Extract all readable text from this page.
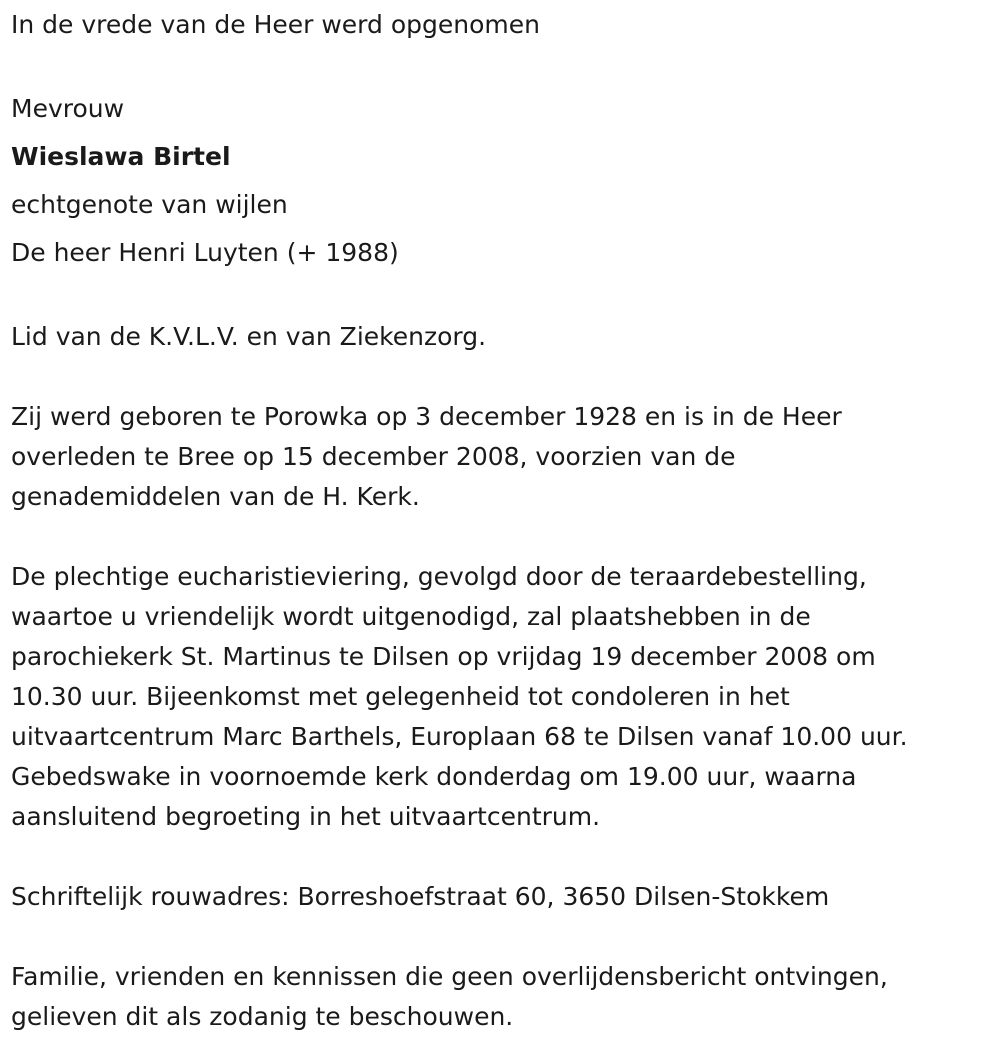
In de vrede van de Heer werd opgenomen

Mevrouw

Wieslawa Birtel

echtgenote van wijlen

De heer Henri Luyten (+ 1988)

Lid van de K.V.L.V. en van Ziekenzorg.

Zij werd geboren te Porowka op 3 december 1928 en is in de Heer

overleden te Bree op 15 december 2008, voorzien van de

genademiddelen van de H. Kerk.

De plechtige eucharistieviering, gevolgd door de teraardebestelling,

waartoe u vriendelijk wordt uitgenodigd, zal plaatshebben in de

parochiekerk St. Martinus te Dilsen op vrijdag 19 december 2008 om

10.30 uur. Bijeenkomst met gelegenheid tot condoleren in het

uitvaartcentrum Marc Barthels, Europlaan 68 te Dilsen vanaf 10.00 uur.

Gebedswake in voornoemde kerk donderdag om 19.00 uur, waarna

aansluitend begroeting in het uitvaartcentrum.

Schriftelijk rouwadres: Borreshoefstraat 60, 3650 Dilsen-Stokkem

Familie, vrienden en kennissen die geen overlijdensbericht ontvingen,

gelieven dit als zodanig te beschouwen.
